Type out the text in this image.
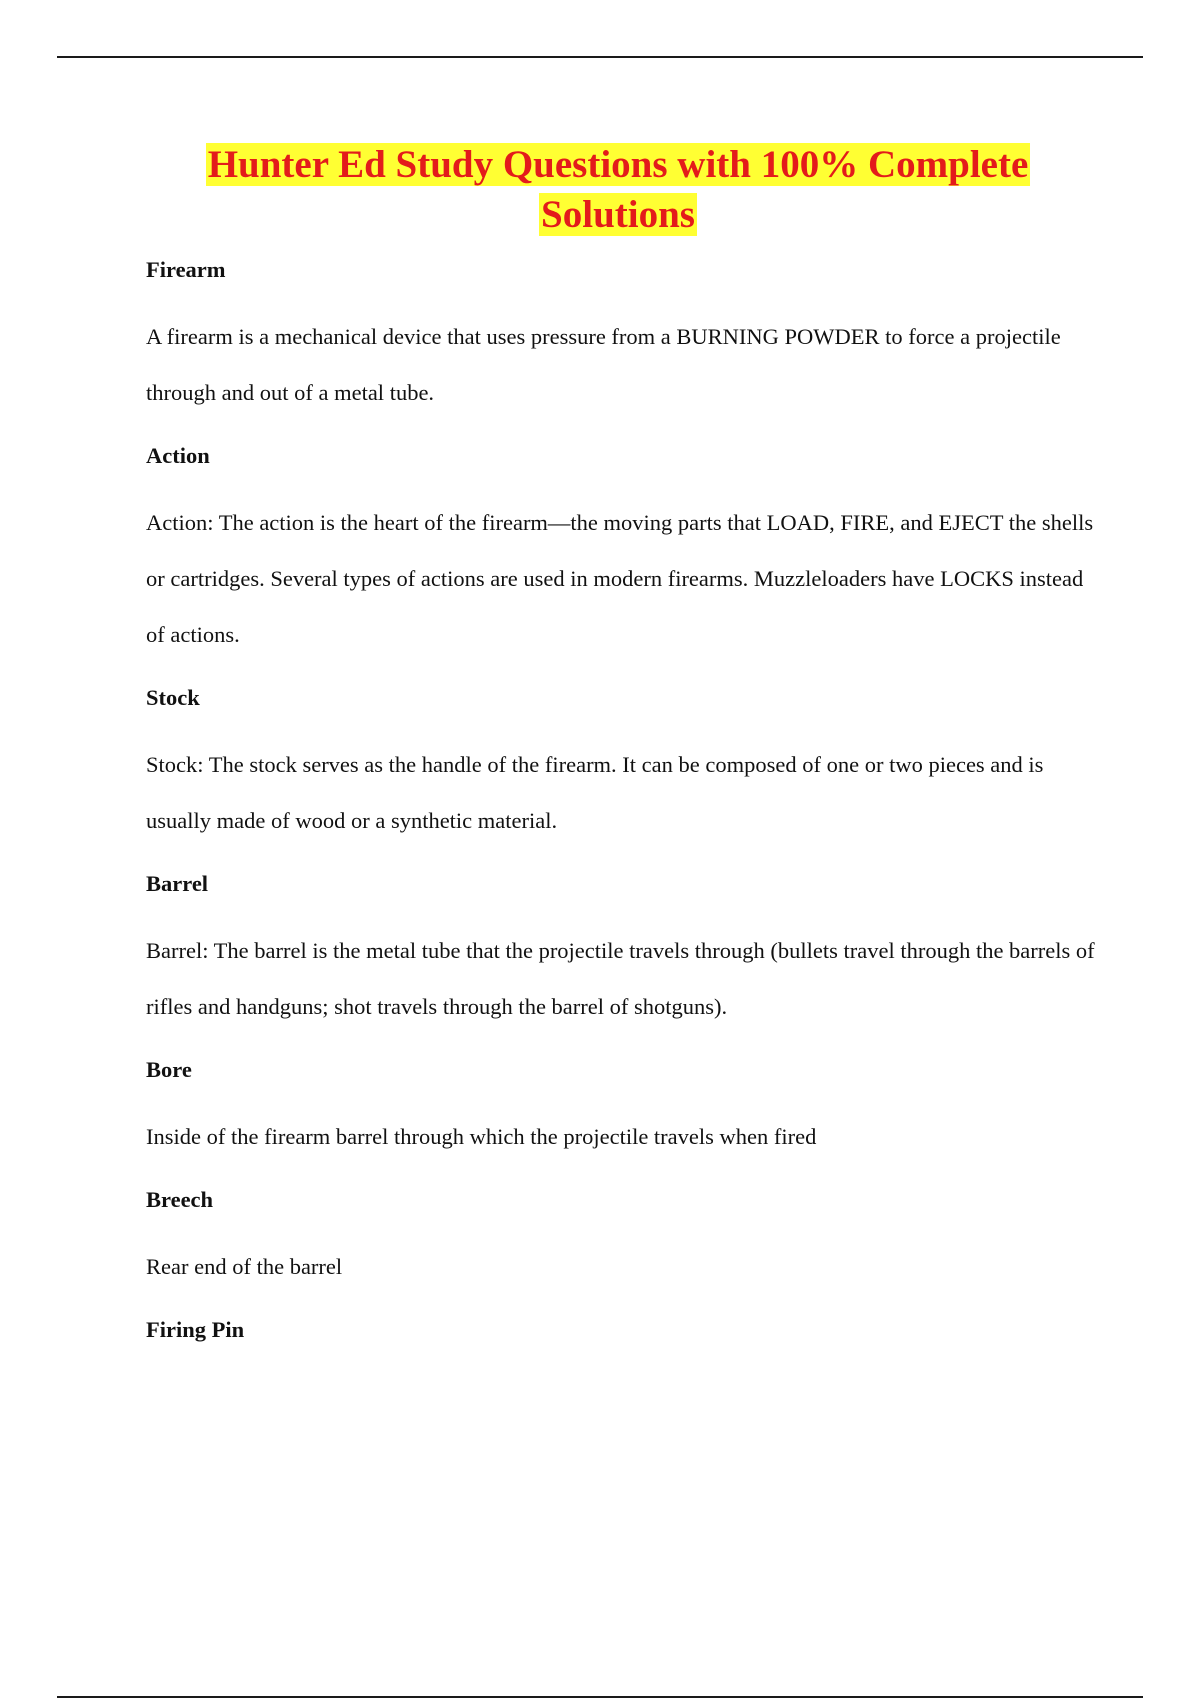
Hunter Ed Study Questions with 100% Complete
Solutions

Firearm

A firearm is a mechanical device that uses pressure from a BURNING POWDER to force a projectile through and out of a metal tube.

Action

Action: The action is the heart of the firearm—the moving parts that LOAD, FIRE, and EJECT the shells or cartridges. Several types of actions are used in modern firearms. Muzzleloaders have LOCKS instead of actions.

Stock

Stock: The stock serves as the handle of the firearm. It can be composed of one or two pieces and is usually made of wood or a synthetic material.

Barrel

Barrel: The barrel is the metal tube that the projectile travels through (bullets travel through the barrels of rifles and handguns; shot travels through the barrel of shotguns).

Bore

Inside of the firearm barrel through which the projectile travels when fired

Breech

Rear end of the barrel

Firing Pin
